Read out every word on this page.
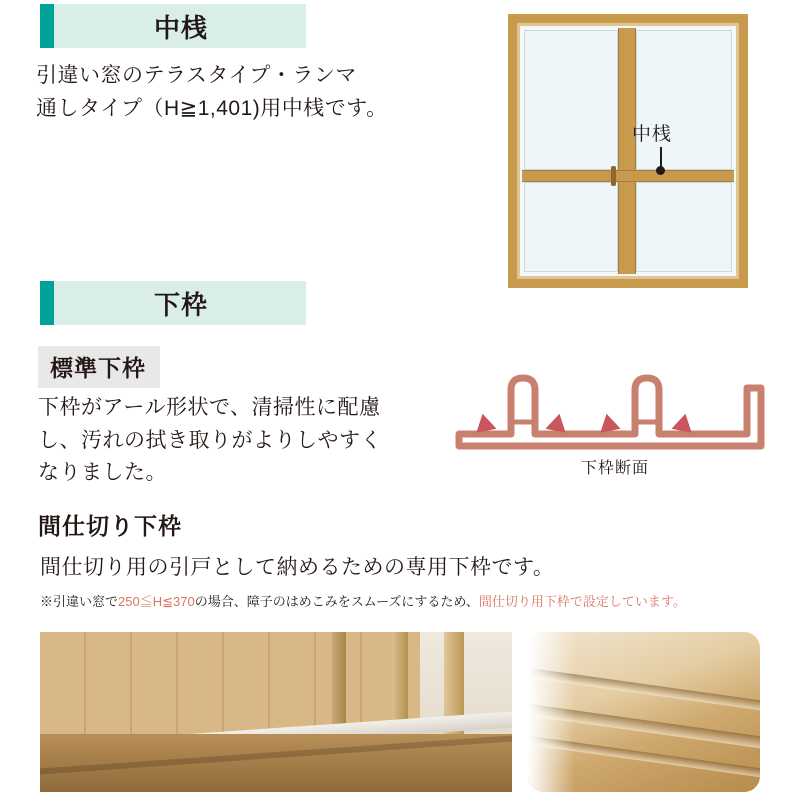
中桟
引違い窓のテラスタイプ・ランマ
通しタイプ（H≧1,401)用中桟です。
中桟
下枠
標準下枠
下枠がアール形状で、清掃性に配慮
し、汚れの拭き取りがよりしやすく
なりました。	下枠断面
間仕切り下枠
間仕切り用の引戸として納めるための専用下枠です。
※引違い窓で250≦H≦370の場合、障子のはめこみをスムーズにするため、間仕切り用下枠で設定しています。
